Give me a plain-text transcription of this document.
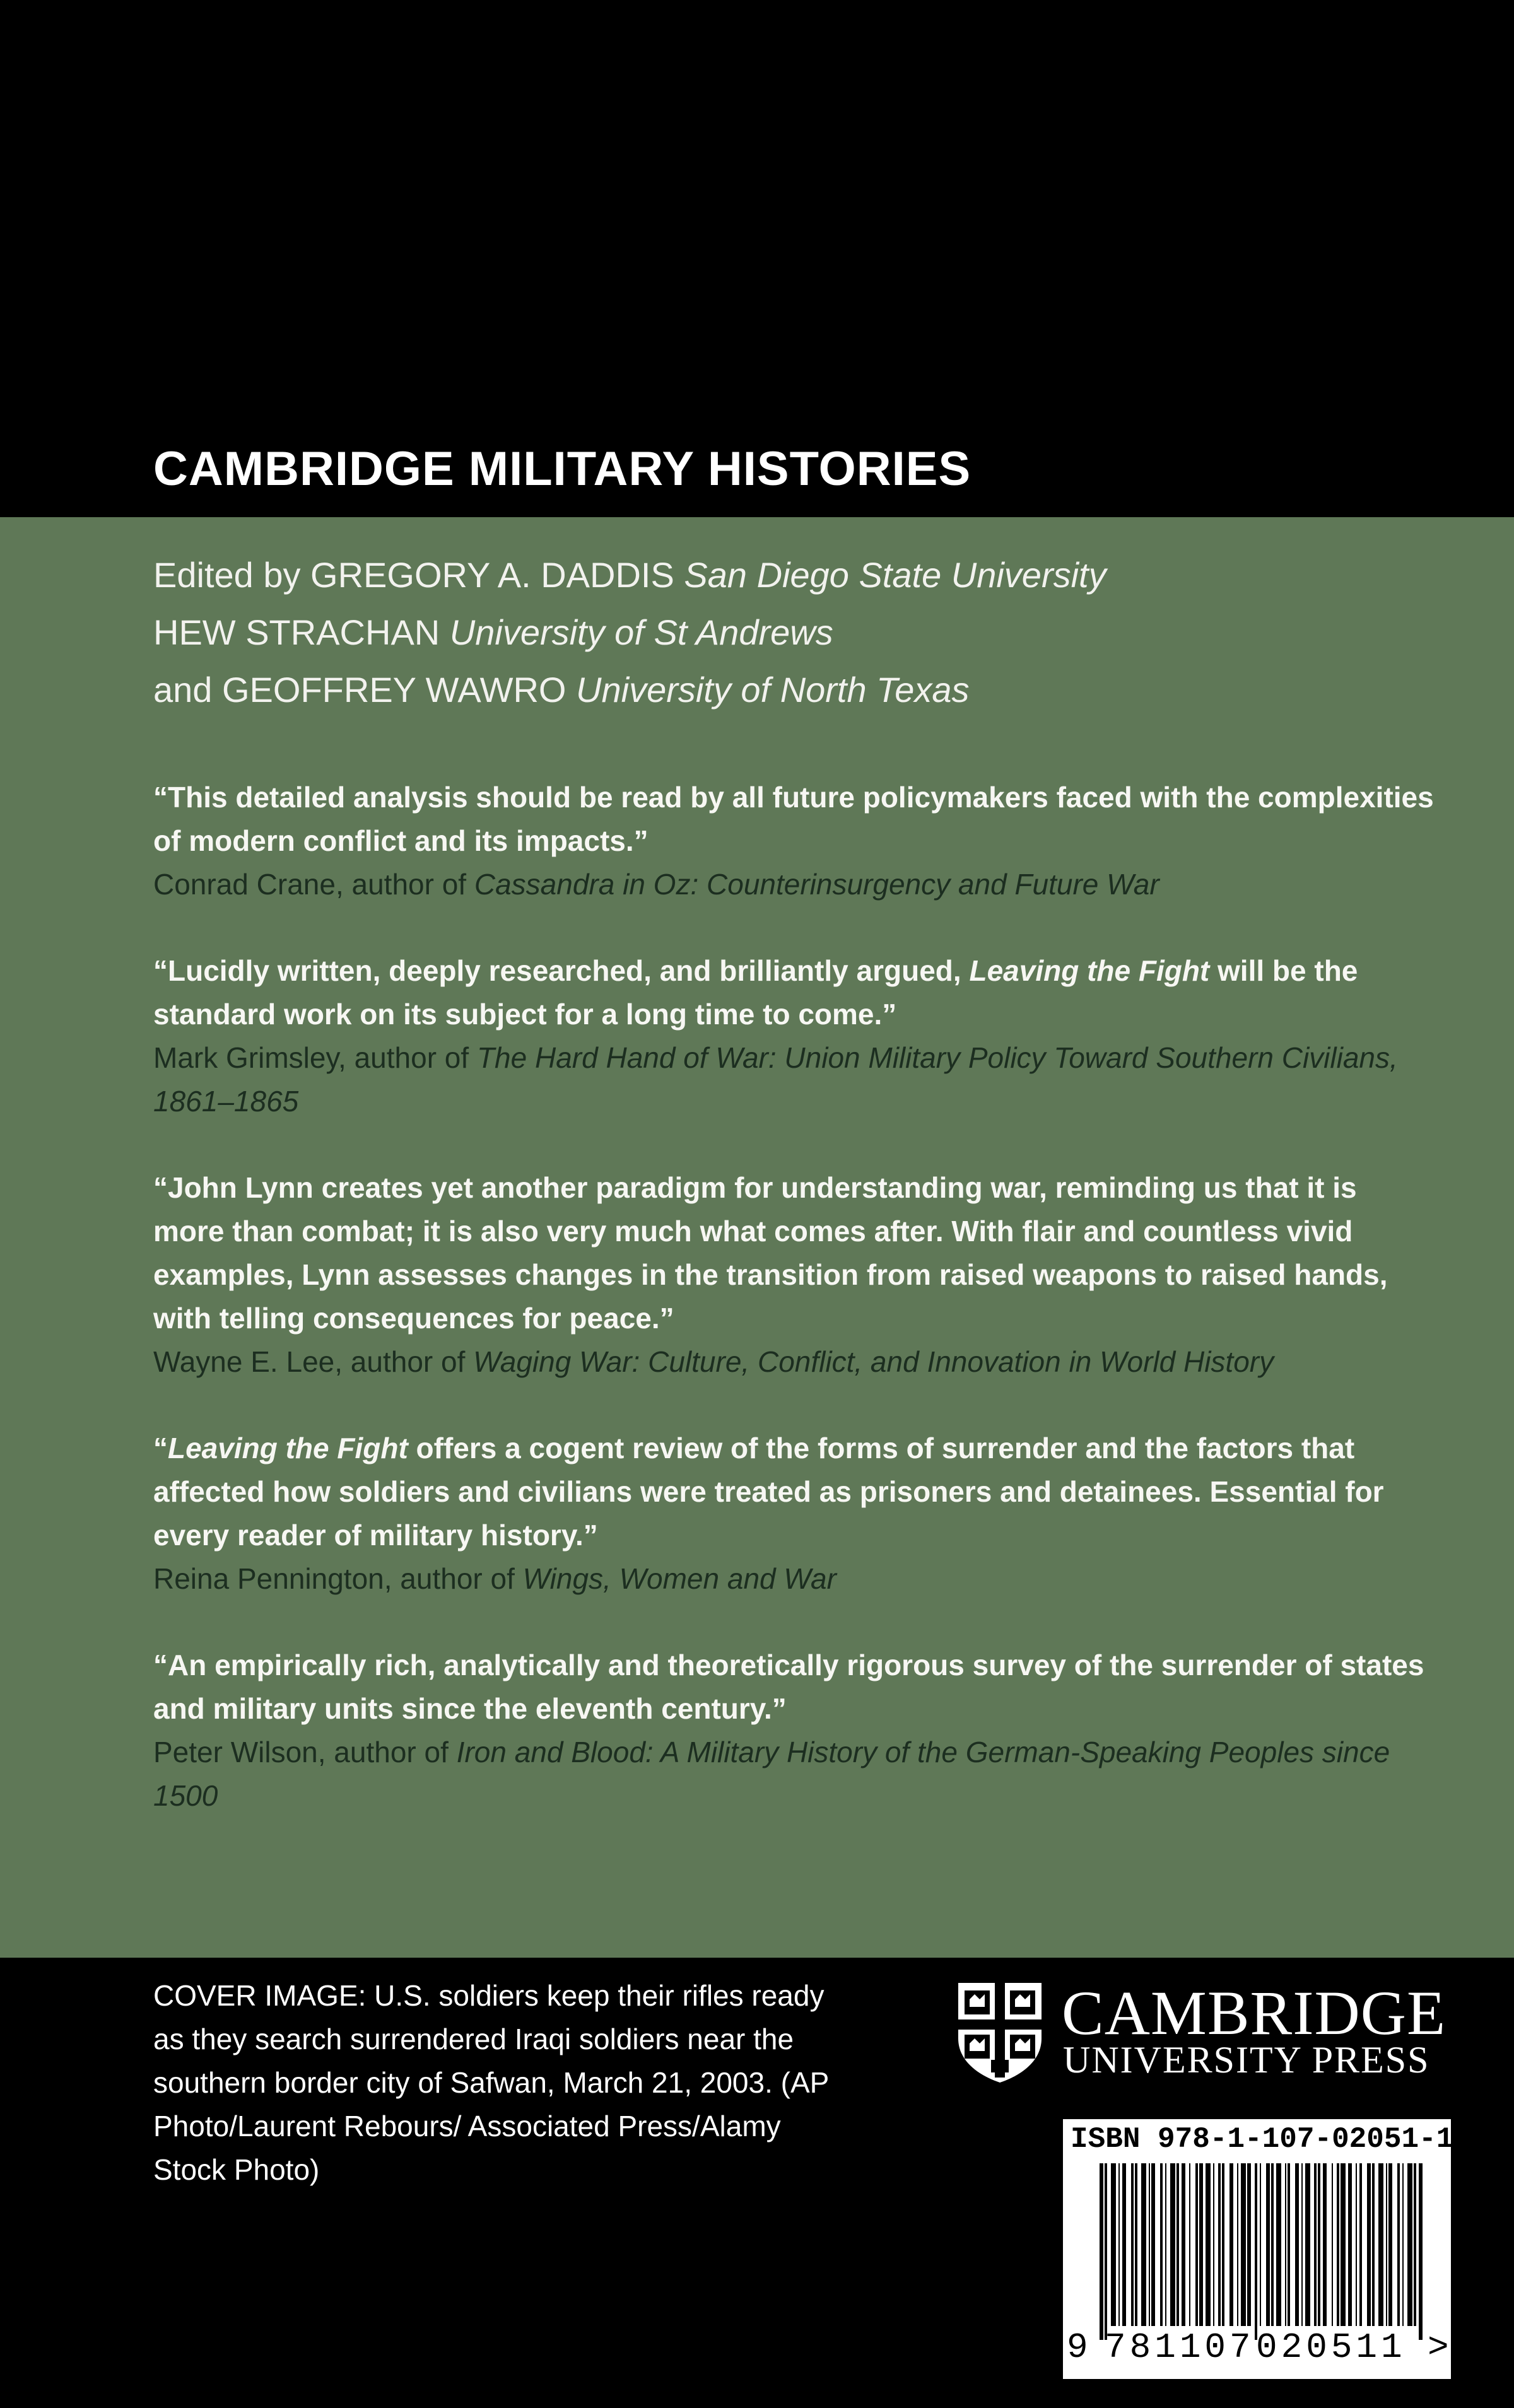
CAMBRIDGE MILITARY HISTORIES
Edited by GREGORY A. DADDIS San Diego State University
HEW STRACHAN University of St Andrews
and GEOFFREY WAWRO University of North Texas
“This detailed analysis should be read by all future policymakers faced with the complexities of modern conflict and its impacts.”
Conrad Crane, author of Cassandra in Oz: Counterinsurgency and Future War
“Lucidly written, deeply researched, and brilliantly argued, Leaving the Fight will be the standard work on its subject for a long time to come.”
Mark Grimsley, author of The Hard Hand of War: Union Military Policy Toward Southern Civilians, 1861–1865
“John Lynn creates yet another paradigm for understanding war, reminding us that it is more than combat; it is also very much what comes after. With flair and countless vivid examples, Lynn assesses changes in the transition from raised weapons to raised hands, with telling consequences for peace.”
Wayne E. Lee, author of Waging War: Culture, Conflict, and Innovation in World History
“Leaving the Fight offers a cogent review of the forms of surrender and the factors that affected how soldiers and civilians were treated as prisoners and detainees. Essential for every reader of military history.”
Reina Pennington, author of Wings, Women and War
“An empirically rich, analytically and theoretically rigorous survey of the surrender of states and military units since the eleventh century.”
Peter Wilson, author of Iron and Blood: A Military History of the German-Speaking Peoples since 1500
COVER IMAGE: U.S. soldiers keep their rifles ready as they search surrendered Iraqi soldiers near the southern border city of Safwan, March 21, 2003. (AP Photo/Laurent Rebours/ Associated Press/Alamy Stock Photo)
CAMBRIDGE
UNIVERSITY PRESS
ISBN 978-1-107-02051-1
9 781107 020511 >
